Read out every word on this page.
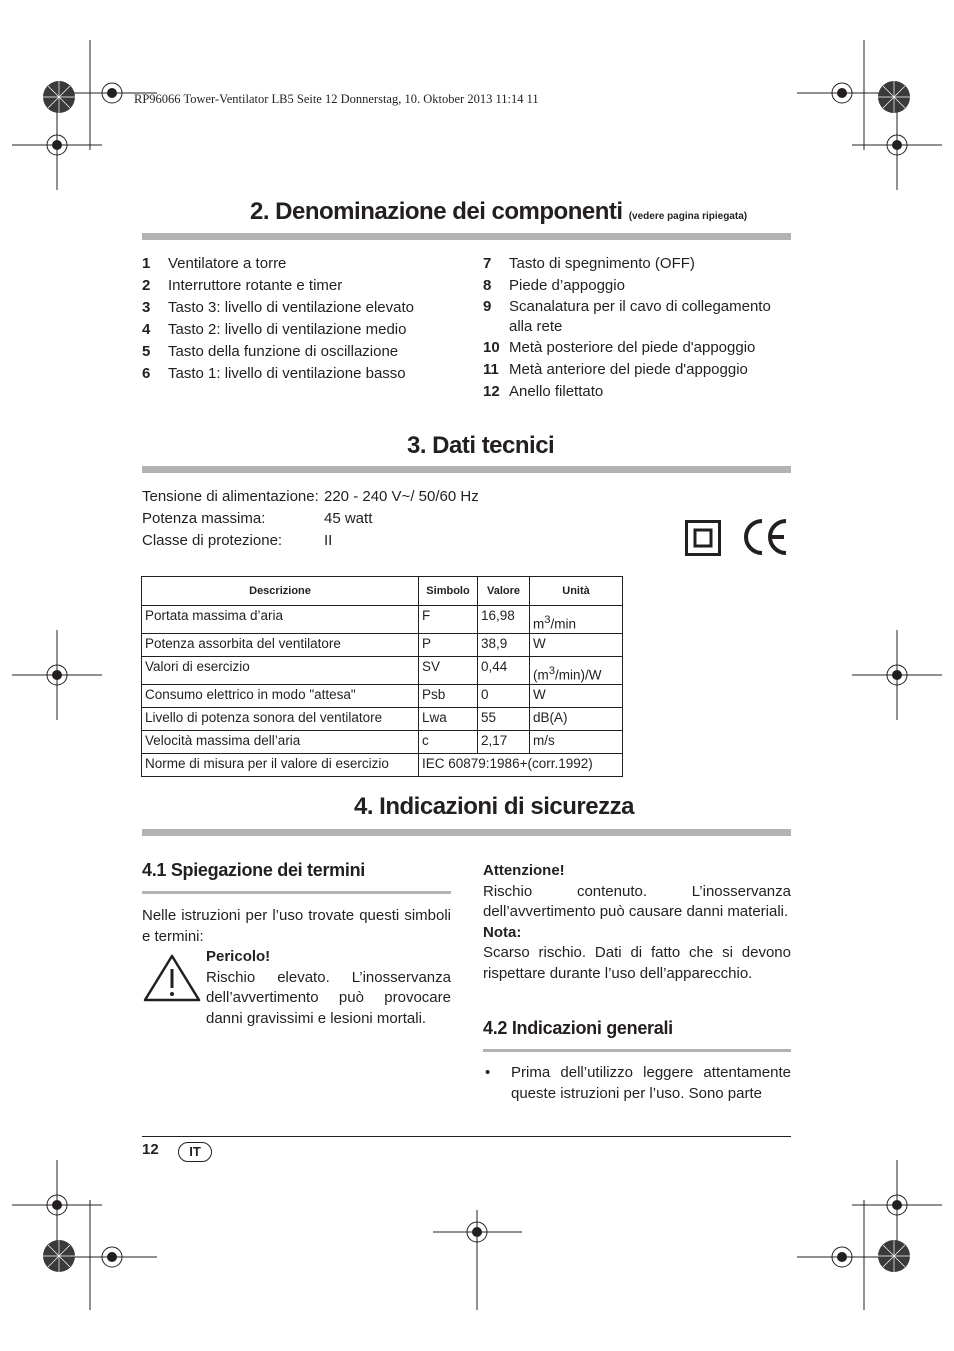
RP96066 Tower-Ventilator LB5 Seite 12 Donnerstag, 10. Oktober 2013 11:14 11
2. Denominazione dei componenti (vedere pagina ripiegata)
1	Ventilatore a torre
2	Interruttore rotante e timer
3	Tasto 3: livello di ventilazione elevato
4	Tasto 2: livello di ventilazione medio
5	Tasto della funzione di oscillazione
6	Tasto 1: livello di ventilazione basso
7	Tasto di spegnimento (OFF)
8	Piede d’appoggio
9	Scanalatura per il cavo di collegamento alla rete
10 Metà posteriore del piede d'appoggio
11 Metà anteriore del piede d'appoggio
12 Anello filettato
3. Dati tecnici
Tensione di alimentazione: 220 - 240 V~/ 50/60 Hz
Potenza massima:	45 watt
Classe di protezione:	II
Descrizione	Simbolo	Valore	Unità
Portata massima d’aria	F	16,98	$m^3/\min$
Potenza assorbita del ventilatore	P	38,9	W
Valori di esercizio	SV	0,44	$(m^3/\min)/W$
Consumo elettrico in modo "attesa"	Psb	0	W
Livello di potenza sonora del ventilatore	Lwa	55	dB(A)
Velocità massima dell’aria	c	2,17	m/s
Norme di misura per il valore di esercizio	IEC 60879:1986+(corr.1992)		
4. Indicazioni di sicurezza
4.1 Spiegazione dei termini
Nelle istruzioni per l’uso trovate questi simboli e termini:
Pericolo!
Rischio elevato. L’inosservanza dell’avvertimento può provocare danni gravissimi e lesioni mortali.
Attenzione!
Rischio contenuto. L’inosservanza dell’avvertimento può causare danni materiali.
Nota:
Scarso rischio. Dati di fatto che si devono rispettare durante l’uso dell’apparecchio.
4.2 Indicazioni generali
•	Prima dell’utilizzo leggere attentamente queste istruzioni per l’uso. Sono parte
12	IT
